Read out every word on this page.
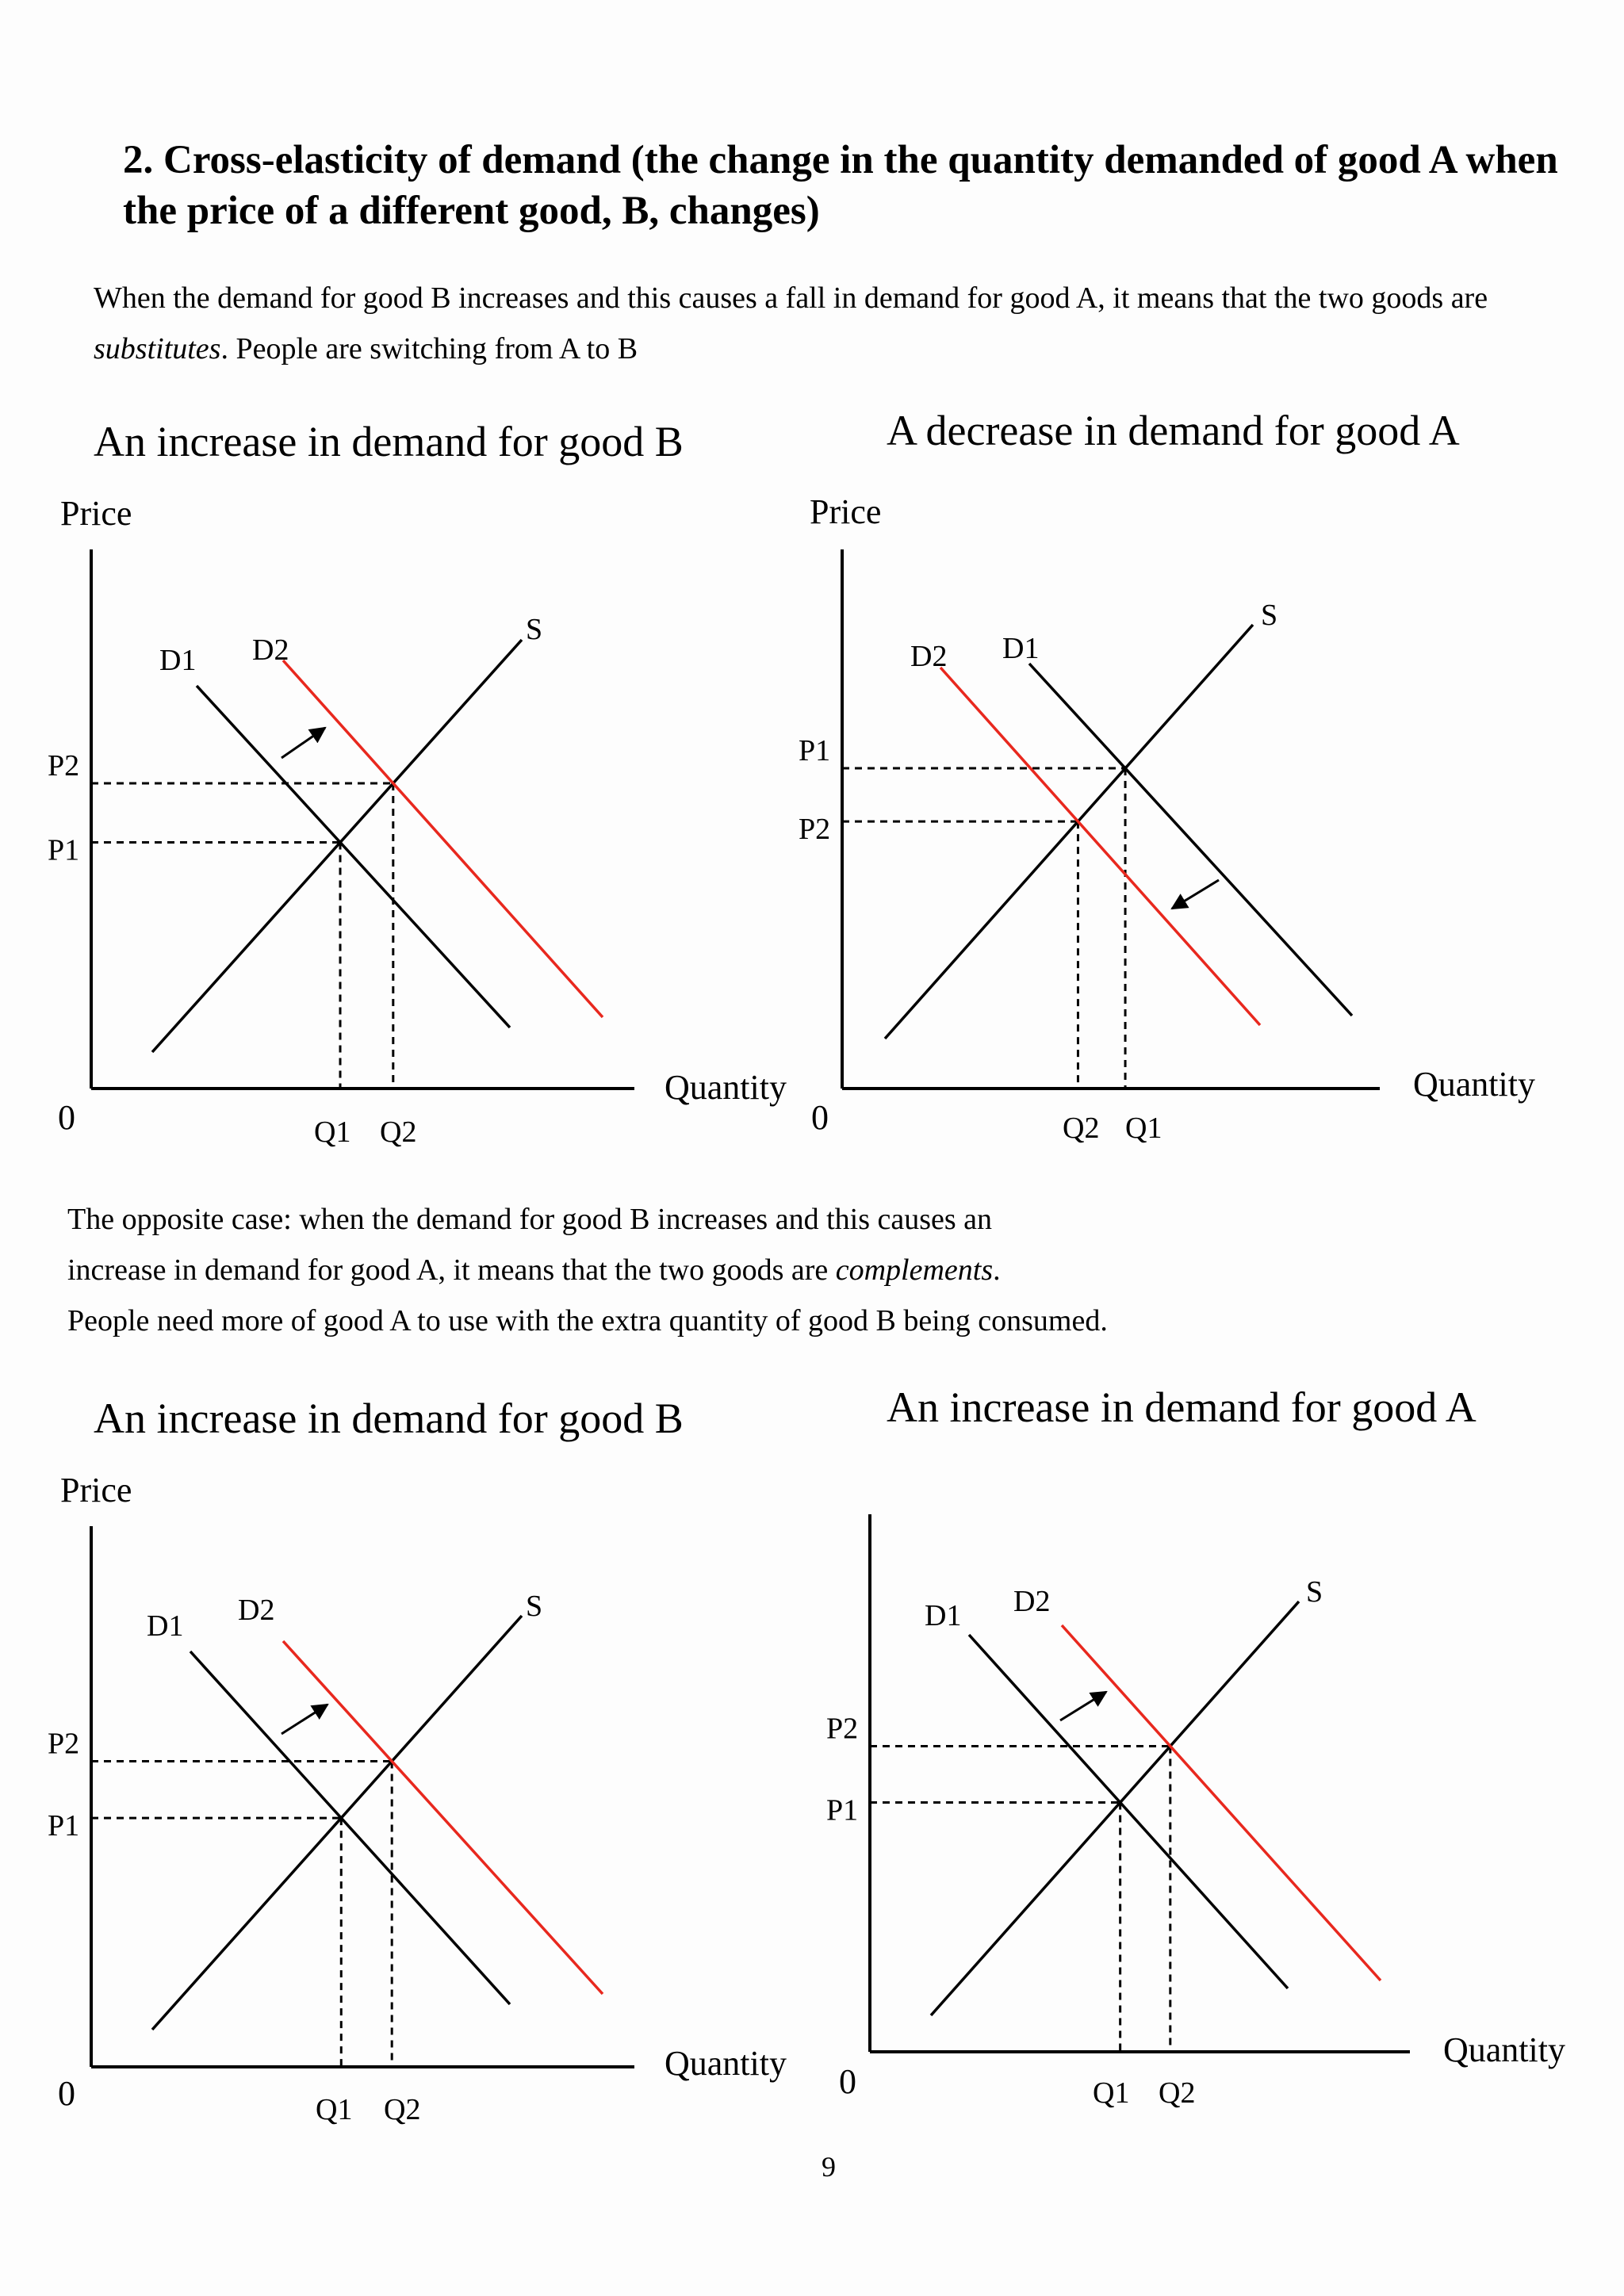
2. Cross-elasticity of demand (the change in the quantity demanded of good A when the price of a different good, B, changes)
When the demand for good B increases and this causes a fall in demand for good A, it means that the two goods are substitutes. People are switching from A to B
The opposite case: when the demand for good B increases and this causes an
increase in demand for good A, it means that the two goods are complements.
People need more of good A to use with the extra quantity of good B being consumed.
An increase in demand for good B	A decrease in demand for good A
An increase in demand for good B	An increase in demand for good A
Price	Price
Price
9
S
D1 D2
P2
P1
Q1 Q2
0
Quantity
S
D1
D2
P1
P2
Q2 Q1
0
Quantity
S
D1 D2
P2
P1
Q1 Q2
0
Quantity
S
D1 D2
P2
P1
Q1 Q2
0
Quantity
